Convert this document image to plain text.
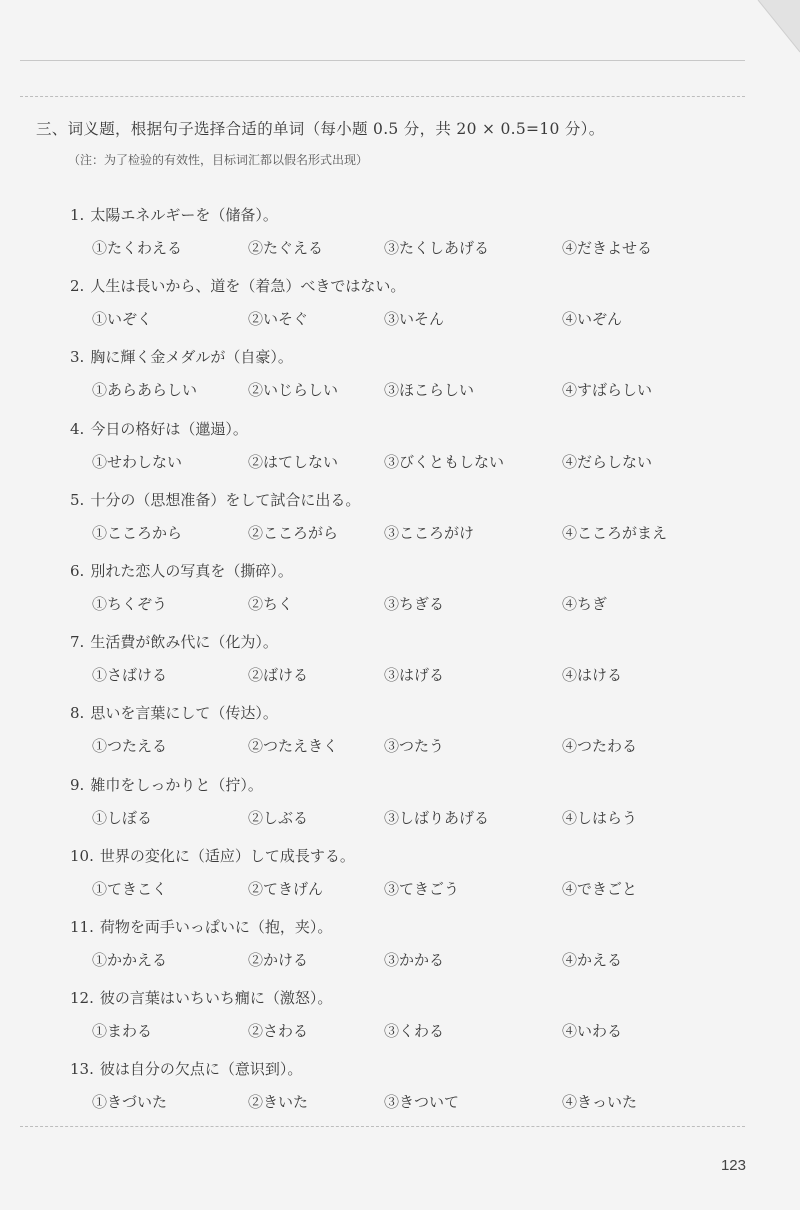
三、词义题，根据句子选择合适的单词（每小题 0.5 分，共 20 × 0.5=10 分）。
（注：为了检验的有效性，目标词汇都以假名形式出现）
1. 太陽エネルギーを（储备）。
①たくわえる	②たぐえる	③たくしあげる	④だきよせる
2. 人生は長いから、道を（着急）べきではない。
①いぞく	②いそぐ	③いそん	④いぞん
3. 胸に輝く金メダルが（自豪）。
①あらあらしい	②いじらしい	③ほこらしい	④すばらしい
4. 今日の格好は（邋遢）。
①せわしない	②はてしない	③びくともしない	④だらしない
5. 十分の（思想准备）をして試合に出る。
①こころから	②こころがら	③こころがけ	④こころがまえ
6. 別れた恋人の写真を（撕碎）。
①ちくぞう	②ちく	③ちぎる	④ちぎ
7. 生活費が飲み代に（化为）。
①さばける	②ばける	③はげる	④はける
8. 思いを言葉にして（传达）。
①つたえる	②つたえきく	③つたう	④つたわる
9. 雑巾をしっかりと（拧）。
①しぼる	②しぶる	③しばりあげる	④しはらう
10. 世界の変化に（适应）して成長する。
①てきこく	②てきげん	③てきごう	④できごと
11. 荷物を両手いっぱいに（抱，夹）。
①かかえる	②かける	③かかる	④かえる
12. 彼の言葉はいちいち癇に（激怒）。
①まわる	②さわる	③くわる	④いわる
13. 彼は自分の欠点に（意识到）。
①きづいた	②きいた	③きついて	④きっいた
123
